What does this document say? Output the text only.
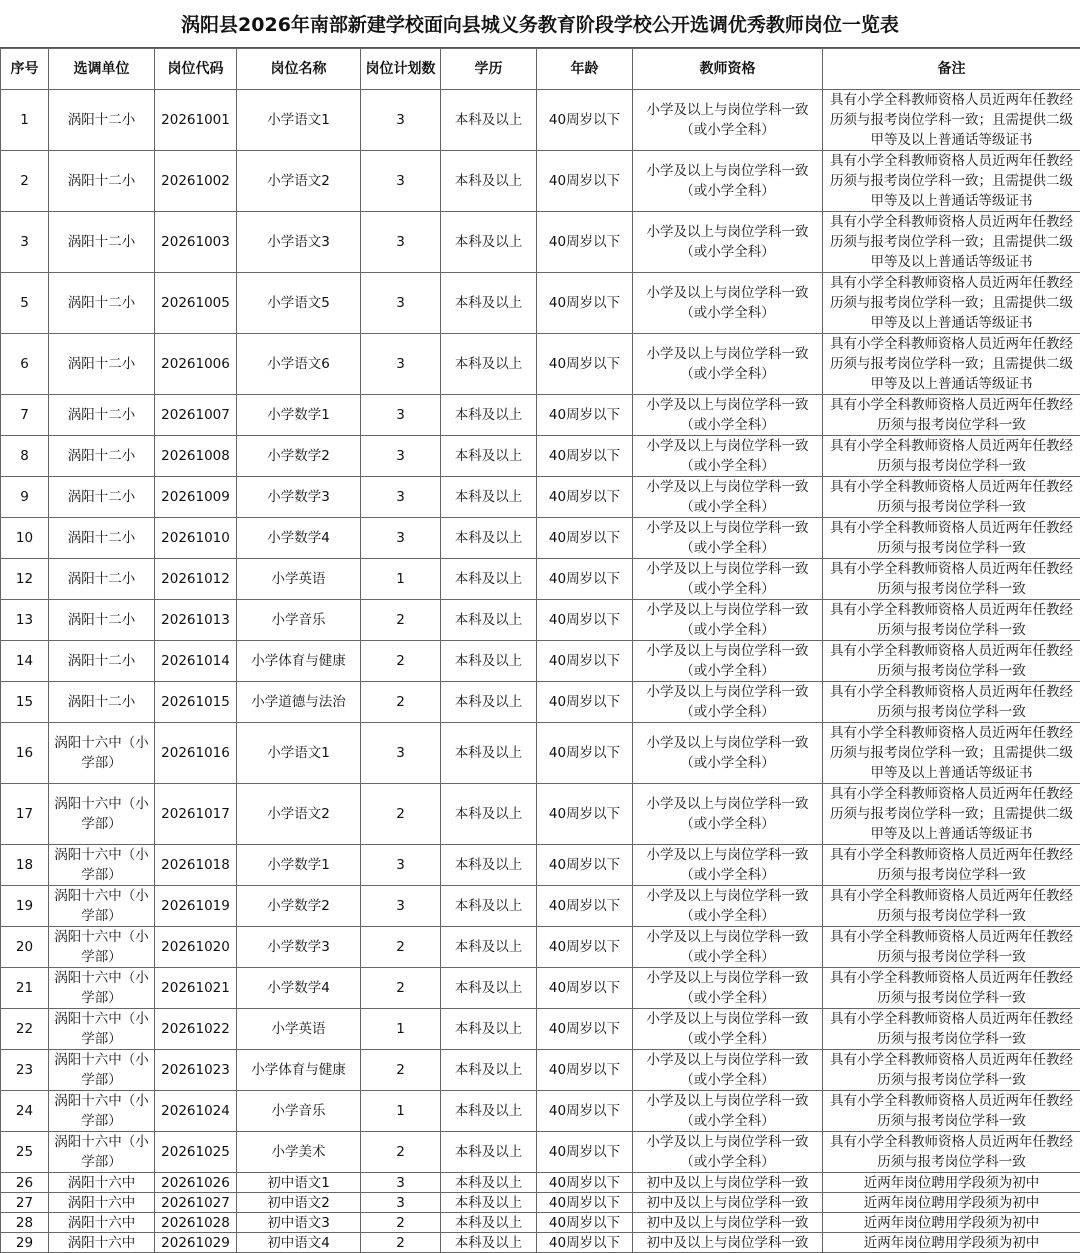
涡阳县2026年南部新建学校面向县城义务教育阶段学校公开选调优秀教师岗位一览表
序号	选调单位	岗位代码	岗位名称	岗位计划数	学历	年龄	教师资格	备注
1	涡阳十二小	20261001	小学语文1	3	本科及以上	40周岁以下	小学及以上与岗位学科一致（或小学全科）	具有小学全科教师资格人员近两年任教经历须与报考岗位学科一致；且需提供二级甲等及以上普通话等级证书
2	涡阳十二小	20261002	小学语文2	3	本科及以上	40周岁以下	小学及以上与岗位学科一致（或小学全科）	具有小学全科教师资格人员近两年任教经历须与报考岗位学科一致；且需提供二级甲等及以上普通话等级证书
3	涡阳十二小	20261003	小学语文3	3	本科及以上	40周岁以下	小学及以上与岗位学科一致（或小学全科）	具有小学全科教师资格人员近两年任教经历须与报考岗位学科一致；且需提供二级甲等及以上普通话等级证书
5	涡阳十二小	20261005	小学语文5	3	本科及以上	40周岁以下	小学及以上与岗位学科一致（或小学全科）	具有小学全科教师资格人员近两年任教经历须与报考岗位学科一致；且需提供二级甲等及以上普通话等级证书
6	涡阳十二小	20261006	小学语文6	3	本科及以上	40周岁以下	小学及以上与岗位学科一致（或小学全科）	具有小学全科教师资格人员近两年任教经历须与报考岗位学科一致；且需提供二级甲等及以上普通话等级证书
7	涡阳十二小	20261007	小学数学1	3	本科及以上	40周岁以下	小学及以上与岗位学科一致（或小学全科）	具有小学全科教师资格人员近两年任教经历须与报考岗位学科一致
8	涡阳十二小	20261008	小学数学2	3	本科及以上	40周岁以下	小学及以上与岗位学科一致（或小学全科）	具有小学全科教师资格人员近两年任教经历须与报考岗位学科一致
9	涡阳十二小	20261009	小学数学3	3	本科及以上	40周岁以下	小学及以上与岗位学科一致（或小学全科）	具有小学全科教师资格人员近两年任教经历须与报考岗位学科一致
10	涡阳十二小	20261010	小学数学4	3	本科及以上	40周岁以下	小学及以上与岗位学科一致（或小学全科）	具有小学全科教师资格人员近两年任教经历须与报考岗位学科一致
12	涡阳十二小	20261012	小学英语	1	本科及以上	40周岁以下	小学及以上与岗位学科一致（或小学全科）	具有小学全科教师资格人员近两年任教经历须与报考岗位学科一致
13	涡阳十二小	20261013	小学音乐	2	本科及以上	40周岁以下	小学及以上与岗位学科一致（或小学全科）	具有小学全科教师资格人员近两年任教经历须与报考岗位学科一致
14	涡阳十二小	20261014	小学体育与健康	2	本科及以上	40周岁以下	小学及以上与岗位学科一致（或小学全科）	具有小学全科教师资格人员近两年任教经历须与报考岗位学科一致
15	涡阳十二小	20261015	小学道德与法治	2	本科及以上	40周岁以下	小学及以上与岗位学科一致（或小学全科）	具有小学全科教师资格人员近两年任教经历须与报考岗位学科一致
16	涡阳十六中（小学部）	20261016	小学语文1	3	本科及以上	40周岁以下	小学及以上与岗位学科一致（或小学全科）	具有小学全科教师资格人员近两年任教经历须与报考岗位学科一致；且需提供二级甲等及以上普通话等级证书
17	涡阳十六中（小学部）	20261017	小学语文2	2	本科及以上	40周岁以下	小学及以上与岗位学科一致（或小学全科）	具有小学全科教师资格人员近两年任教经历须与报考岗位学科一致；且需提供二级甲等及以上普通话等级证书
18	涡阳十六中（小学部）	20261018	小学数学1	3	本科及以上	40周岁以下	小学及以上与岗位学科一致（或小学全科）	具有小学全科教师资格人员近两年任教经历须与报考岗位学科一致
19	涡阳十六中（小学部）	20261019	小学数学2	3	本科及以上	40周岁以下	小学及以上与岗位学科一致（或小学全科）	具有小学全科教师资格人员近两年任教经历须与报考岗位学科一致
20	涡阳十六中（小学部）	20261020	小学数学3	2	本科及以上	40周岁以下	小学及以上与岗位学科一致（或小学全科）	具有小学全科教师资格人员近两年任教经历须与报考岗位学科一致
21	涡阳十六中（小学部）	20261021	小学数学4	2	本科及以上	40周岁以下	小学及以上与岗位学科一致（或小学全科）	具有小学全科教师资格人员近两年任教经历须与报考岗位学科一致
22	涡阳十六中（小学部）	20261022	小学英语	1	本科及以上	40周岁以下	小学及以上与岗位学科一致（或小学全科）	具有小学全科教师资格人员近两年任教经历须与报考岗位学科一致
23	涡阳十六中（小学部）	20261023	小学体育与健康	2	本科及以上	40周岁以下	小学及以上与岗位学科一致（或小学全科）	具有小学全科教师资格人员近两年任教经历须与报考岗位学科一致
24	涡阳十六中（小学部）	20261024	小学音乐	1	本科及以上	40周岁以下	小学及以上与岗位学科一致（或小学全科）	具有小学全科教师资格人员近两年任教经历须与报考岗位学科一致
25	涡阳十六中（小学部）	20261025	小学美术	2	本科及以上	40周岁以下	小学及以上与岗位学科一致（或小学全科）	具有小学全科教师资格人员近两年任教经历须与报考岗位学科一致
26	涡阳十六中	20261026	初中语文1	3	本科及以上	40周岁以下	初中及以上与岗位学科一致	近两年岗位聘用学段须为初中
27	涡阳十六中	20261027	初中语文2	3	本科及以上	40周岁以下	初中及以上与岗位学科一致	近两年岗位聘用学段须为初中
28	涡阳十六中	20261028	初中语文3	2	本科及以上	40周岁以下	初中及以上与岗位学科一致	近两年岗位聘用学段须为初中
29	涡阳十六中	20261029	初中语文4	2	本科及以上	40周岁以下	初中及以上与岗位学科一致	近两年岗位聘用学段须为初中
